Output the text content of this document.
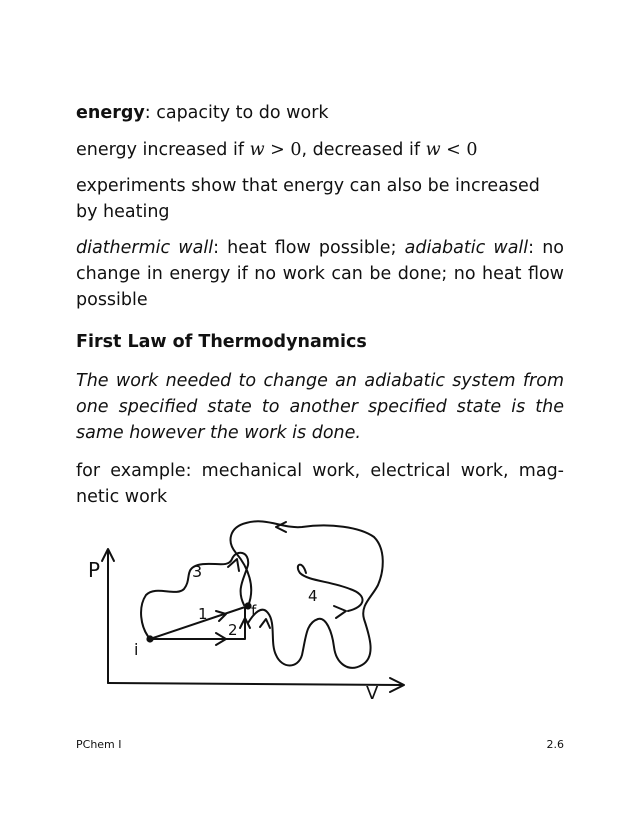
energy: capacity to do work

energy increased if w > 0, decreased if w < 0

experiments show that energy can also be increased by heating

diathermic wall: heat flow possible; adiabatic wall: no change in energy if no work can be done; no heat flow possible

First Law of Thermodynamics

The work needed to change an adiabatic system from one specified state to another specified state is the same however the work is done.

for example: mechanical work, electrical work, mag-netic work

P
V
1
2
3
4
i
f
PChem I	2.6
